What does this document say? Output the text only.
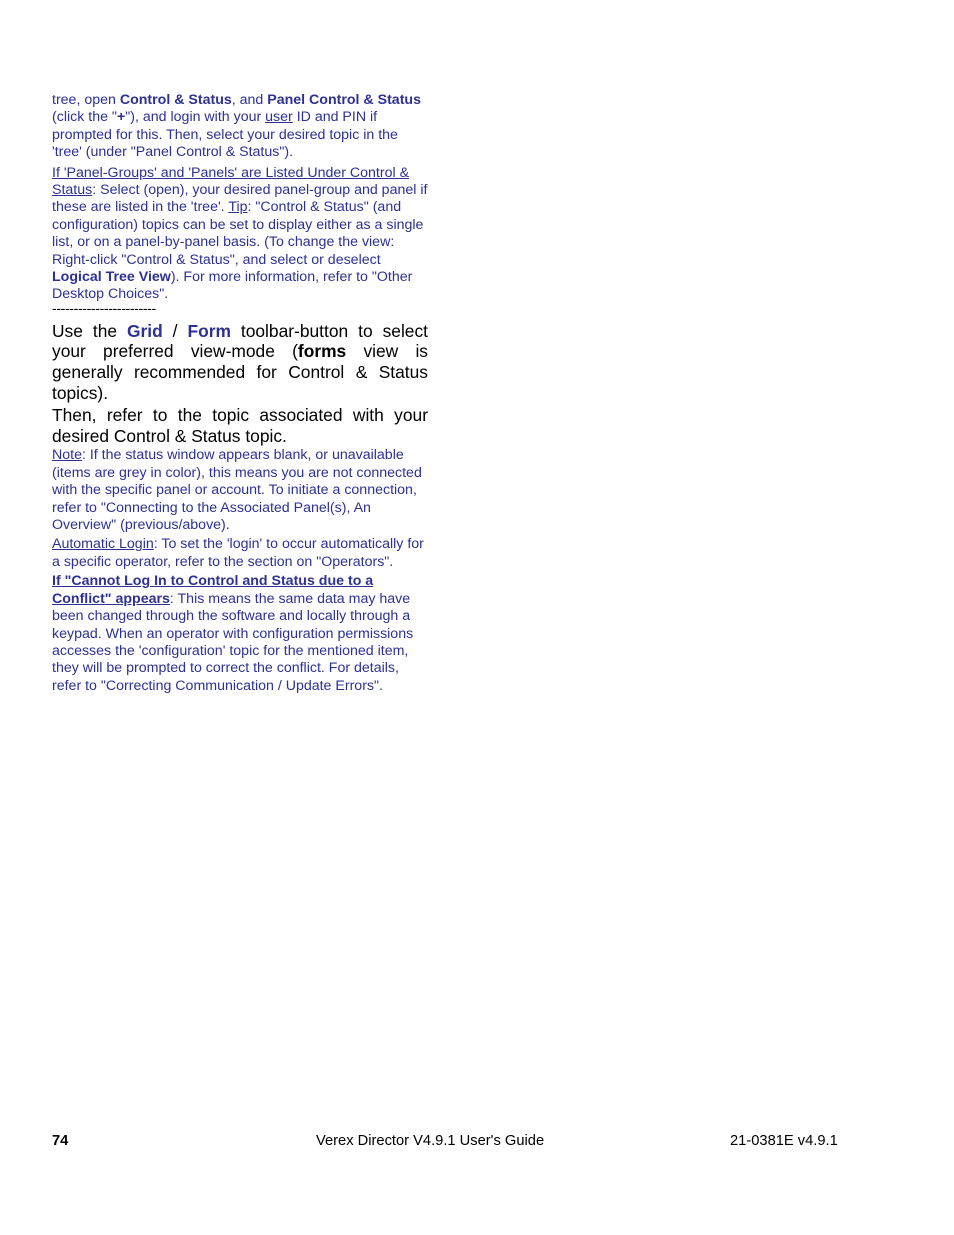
tree, open Control & Status, and Panel Control & Status (click the "+"), and login with your user ID and PIN if prompted for this. Then, select your desired topic in the 'tree' (under "Panel Control & Status").

If 'Panel-Groups' and 'Panels' are Listed Under Control & Status: Select (open), your desired panel-group and panel if these are listed in the 'tree'. Tip: "Control & Status" (and configuration) topics can be set to display either as a single list, or on a panel-by-panel basis. (To change the view: Right-click "Control & Status", and select or deselect Logical Tree View). For more information, refer to "Other Desktop Choices".

------------------------

Use the Grid / Form toolbar-button to select your preferred view-mode (forms view is generally recommended for Control & Status topics).

Then, refer to the topic associated with your desired Control & Status topic.

Note: If the status window appears blank, or unavailable (items are grey in color), this means you are not connected with the specific panel or account. To initiate a connection, refer to "Connecting to the Associated Panel(s), An Overview" (previous/above).

Automatic Login: To set the 'login' to occur automatically for a specific operator, refer to the section on "Operators".

If "Cannot Log In to Control and Status due to a Conflict" appears: This means the same data may have been changed through the software and locally through a keypad. When an operator with configuration permissions accesses the 'configuration' topic for the mentioned item, they will be prompted to correct the conflict. For details, refer to "Correcting Communication / Update Errors".

74	Verex Director V4.9.1 User's Guide	21-0381E v4.9.1
